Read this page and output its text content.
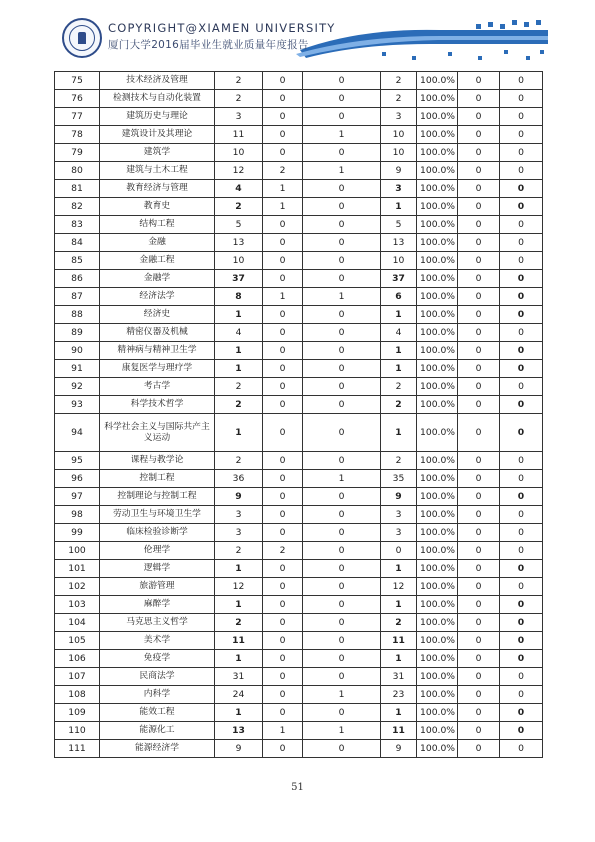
COPYRIGHT@XIAMEN UNIVERSITY
厦门大学2016届毕业生就业质量年度报告
75	技术经济及管理	2	0	0	2	100.0%	0	0
76	检测技术与自动化装置	2	0	0	2	100.0%	0	0
77	建筑历史与理论	3	0	0	3	100.0%	0	0
78	建筑设计及其理论	11	0	1	10	100.0%	0	0
79	建筑学	10	0	0	10	100.0%	0	0
80	建筑与土木工程	12	2	1	9	100.0%	0	0
81	教育经济与管理	4	1	0	3	100.0%	0	0
82	教育史	2	1	0	1	100.0%	0	0
83	结构工程	5	0	0	5	100.0%	0	0
84	金融	13	0	0	13	100.0%	0	0
85	金融工程	10	0	0	10	100.0%	0	0
86	金融学	37	0	0	37	100.0%	0	0
87	经济法学	8	1	1	6	100.0%	0	0
88	经济史	1	0	0	1	100.0%	0	0
89	精密仪器及机械	4	0	0	4	100.0%	0	0
90	精神病与精神卫生学	1	0	0	1	100.0%	0	0
91	康复医学与理疗学	1	0	0	1	100.0%	0	0
92	考古学	2	0	0	2	100.0%	0	0
93	科学技术哲学	2	0	0	2	100.0%	0	0
94	科学社会主义与国际共产主义运动	1	0	0	1	100.0%	0	0
95	课程与教学论	2	0	0	2	100.0%	0	0
96	控制工程	36	0	1	35	100.0%	0	0
97	控制理论与控制工程	9	0	0	9	100.0%	0	0
98	劳动卫生与环境卫生学	3	0	0	3	100.0%	0	0
99	临床检验诊断学	3	0	0	3	100.0%	0	0
100	伦理学	2	2	0	0	100.0%	0	0
101	逻辑学	1	0	0	1	100.0%	0	0
102	旅游管理	12	0	0	12	100.0%	0	0
103	麻醉学	1	0	0	1	100.0%	0	0
104	马克思主义哲学	2	0	0	2	100.0%	0	0
105	美术学	11	0	0	11	100.0%	0	0
106	免疫学	1	0	0	1	100.0%	0	0
107	民商法学	31	0	0	31	100.0%	0	0
108	内科学	24	0	1	23	100.0%	0	0
109	能效工程	1	0	0	1	100.0%	0	0
110	能源化工	13	1	1	11	100.0%	0	0
111	能源经济学	9	0	0	9	100.0%	0	0
51
